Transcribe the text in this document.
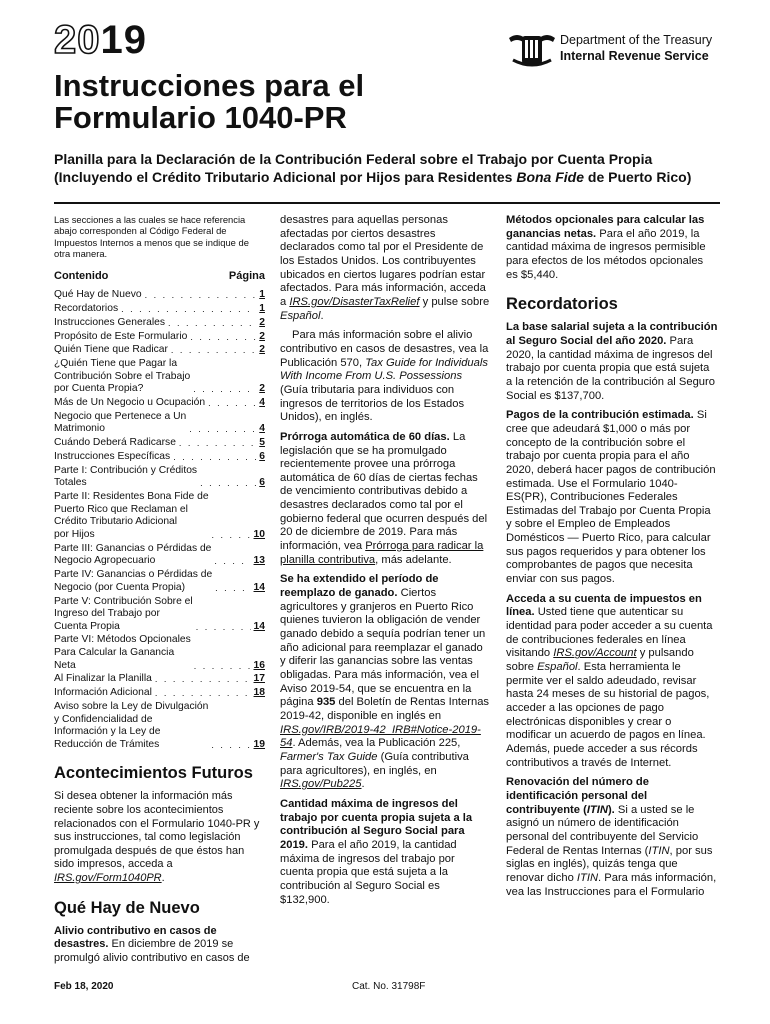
2019
Instrucciones para el
Formulario 1040-PR
Department of the Treasury
Internal Revenue Service
Planilla para la Declaración de la Contribución Federal sobre el Trabajo por Cuenta Propia (Incluyendo el Crédito Tributario Adicional por Hijos para Residentes Bona Fide de Puerto Rico)
Las secciones a las cuales se hace referencia abajo corresponden al Código Federal de Impuestos Internos a menos que se indique de otra manera.
Contenido	Página
Qué Hay de Nuevo . . .	1
Recordatorios . . .	1
Instrucciones Generales . . .	2
Propósito de Este Formulario . . .	2
Quién Tiene que Radicar . . .	2
¿Quién Tiene que Pagar la
Contribución Sobre el Trabajo
por Cuenta Propia? . . .	2
Más de Un Negocio u Ocupación . . .	4
Negocio que Pertenece a Un
Matrimonio . . .	4
Cuándo Deberá Radicarse . . .	5
Instrucciones Específicas . . .	6
Parte I: Contribución y Créditos
Totales . . .	6
Parte II: Residentes Bona Fide de
Puerto Rico que Reclaman el
Crédito Tributario Adicional
por Hijos . . .	10
Parte III: Ganancias o Pérdidas de
Negocio Agropecuario . . .	13
Parte IV: Ganancias o Pérdidas de
Negocio (por Cuenta Propia) . . .	14
Parte V: Contribución Sobre el
Ingreso del Trabajo por
Cuenta Propia . . .	14
Parte VI: Métodos Opcionales
Para Calcular la Ganancia
Neta . . .	16
Al Finalizar la Planilla . . .	17
Información Adicional . . .	18
Aviso sobre la Ley de Divulgación
y Confidencialidad de
Información y la Ley de
Reducción de Trámites . . .	19
Acontecimientos Futuros

Si desea obtener la información más reciente sobre los acontecimientos relacionados con el Formulario 1040-PR y sus instrucciones, tal como legislación promulgada después de que éstos han sido impresos, acceda a IRS.gov/Form1040PR.

Qué Hay de Nuevo

Alivio contributivo en casos de desastres. En diciembre de 2019 se promulgó alivio contributivo en casos de

desastres para aquellas personas afectadas por ciertos desastres declarados como tal por el Presidente de los Estados Unidos. Los contribuyentes ubicados en ciertos lugares podrían estar afectados. Para más información, acceda a IRS.gov/DisasterTaxRelief y pulse sobre Español.

Para más información sobre el alivio contributivo en casos de desastres, vea la Publicación 570, Tax Guide for Individuals With Income From U.S. Possessions (Guía tributaria para individuos con ingresos de territorios de los Estados Unidos), en inglés.

Prórroga automática de 60 días. La legislación que se ha promulgado recientemente provee una prórroga automática de 60 días de ciertas fechas de vencimiento contributivas debido a desastres declarados como tal por el gobierno federal que ocurren después del 20 de diciembre de 2019. Para más información, vea Prórroga para radicar la planilla contributiva, más adelante.

Se ha extendido el período de reemplazo de ganado. Ciertos agricultores y granjeros en Puerto Rico quienes tuvieron la obligación de vender ganado debido a sequía podrían tener un año adicional para reemplazar el ganado y diferir las ganancias sobre las ventas obligadas. Para más información, vea el Aviso 2019-54, que se encuentra en la página 935 del Boletín de Rentas Internas 2019-42, disponible en inglés en IRS.gov/IRB/2019-42_IRB#Notice-2019-54. Además, vea la Publicación 225, Farmer's Tax Guide (Guía contributiva para agricultores), en inglés, en IRS.gov/Pub225.

Cantidad máxima de ingresos del trabajo por cuenta propia sujeta a la contribución al Seguro Social para 2019. Para el año 2019, la cantidad máxima de ingresos del trabajo por cuenta propia que está sujeta a la contribución al Seguro Social es $132,900.

Métodos opcionales para calcular las ganancias netas. Para el año 2019, la cantidad máxima de ingresos permisible para efectos de los métodos opcionales es $5,440.

Recordatorios

La base salarial sujeta a la contribución al Seguro Social del año 2020. Para 2020, la cantidad máxima de ingresos del trabajo por cuenta propia que está sujeta a la retención de la contribución al Seguro Social es $137,700.

Pagos de la contribución estimada. Si cree que adeudará $1,000 o más por concepto de la contribución sobre el trabajo por cuenta propia para el año 2020, deberá hacer pagos de contribución estimada. Use el Formulario 1040-ES(PR), Contribuciones Federales Estimadas del Trabajo por Cuenta Propia y sobre el Empleo de Empleados Domésticos — Puerto Rico, para calcular sus pagos requeridos y para obtener los comprobantes de pagos que necesita enviar con sus pagos.

Acceda a su cuenta de impuestos en línea. Usted tiene que autenticar su identidad para poder acceder a su cuenta de contribuciones federales en línea visitando IRS.gov/Account y pulsando sobre Español. Esta herramienta le permite ver el saldo adeudado, revisar hasta 24 meses de su historial de pagos, acceder a las opciones de pago electrónicas disponibles y crear o modificar un acuerdo de pagos en línea. Además, puede acceder a sus récords contributivos a través de Internet.

Renovación del número de identificación personal del contribuyente (ITIN). Si a usted se le asignó un número de identificación personal del contribuyente del Servicio Federal de Rentas Internas (ITIN, por sus siglas en inglés), quizás tenga que renovar dicho ITIN. Para más información, vea las Instrucciones para el Formulario

Feb 18, 2020	Cat. No. 31798F
